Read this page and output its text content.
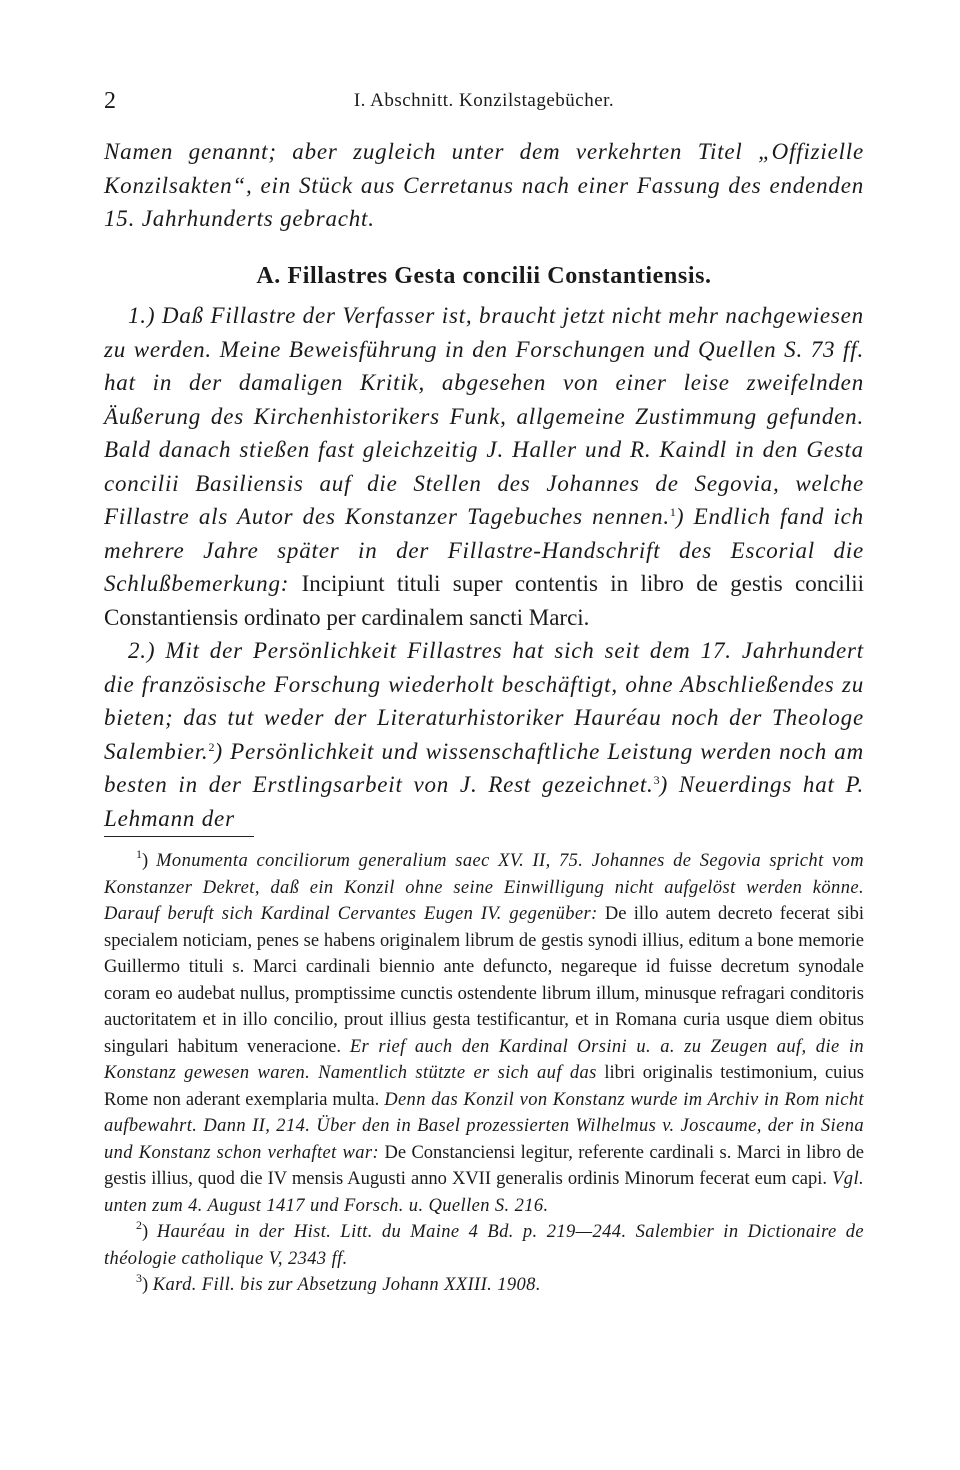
2	I. Abschnitt. Konzilstagebücher.

Namen genannt; aber zugleich unter dem verkehrten Titel „Offizielle Konzilsakten“, ein Stück aus Cerretanus nach einer Fassung des endenden 15. Jahrhunderts gebracht.

A. Fillastres Gesta concilii Constantiensis.

1.) Daß Fillastre der Verfasser ist, braucht jetzt nicht mehr nachgewiesen zu werden. Meine Beweisführung in den Forschungen und Quellen S. 73 ff. hat in der damaligen Kritik, abgesehen von einer leise zweifelnden Äußerung des Kirchenhistorikers Funk, allgemeine Zustimmung gefunden. Bald danach stießen fast gleichzeitig J. Haller und R. Kaindl in den Gesta concilii Basiliensis auf die Stellen des Johannes de Segovia, welche Fillastre als Autor des Konstanzer Tagebuches nennen.$^1$) Endlich fand ich mehrere Jahre später in der Fillastre-Handschrift des Escorial die Schlußbemerkung: Incipiunt tituli super contentis in libro de gestis concilii Constantiensis ordinato per cardinalem sancti Marci.

2.) Mit der Persönlichkeit Fillastres hat sich seit dem 17. Jahrhundert die französische Forschung wiederholt beschäftigt, ohne Abschließendes zu bieten; das tut weder der Literaturhistoriker Hauréau noch der Theologe Salembier.$^2$) Persönlichkeit und wissenschaftliche Leistung werden noch am besten in der Erstlingsarbeit von J. Rest gezeichnet.$^3$) Neuerdings hat P. Lehmann der

$^1$) Monumenta conciliorum generalium saec XV. II, 75. Johannes de Segovia spricht vom Konstanzer Dekret, daß ein Konzil ohne seine Einwilligung nicht aufgelöst werden könne. Darauf beruft sich Kardinal Cervantes Eugen IV. gegenüber: De illo autem decreto fecerat sibi specialem noticiam, penes se habens originalem librum de gestis synodi illius, editum a bone memorie Guillermo tituli s. Marci cardinali biennio ante defuncto, negareque id fuisse decretum synodale coram eo audebat nullus, promptissime cunctis ostendente librum illum, minusque refragari conditoris auctoritatem et in illo concilio, prout illius gesta testificantur, et in Romana curia usque diem obitus singulari habitum veneracione. Er rief auch den Kardinal Orsini u. a. zu Zeugen auf, die in Konstanz gewesen waren. Namentlich stützte er sich auf das libri originalis testimonium, cuius Rome non aderant exemplaria multa. Denn das Konzil von Konstanz wurde im Archiv in Rom nicht aufbewahrt. Dann II, 214. Über den in Basel prozessierten Wilhelmus v. Joscaume, der in Siena und Konstanz schon verhaftet war: De Constanciensi legitur, referente cardinali s. Marci in libro de gestis illius, quod die IV mensis Augusti anno XVII generalis ordinis Minorum fecerat eum capi. Vgl. unten zum 4. August 1417 und Forsch. u. Quellen S. 216.

$^2$) Hauréau in der Hist. Litt. du Maine 4 Bd. p. 219—244. Salembier in Dictionaire de théologie catholique V, 2343 ff.

$^3$) Kard. Fill. bis zur Absetzung Johann XXIII. 1908.
